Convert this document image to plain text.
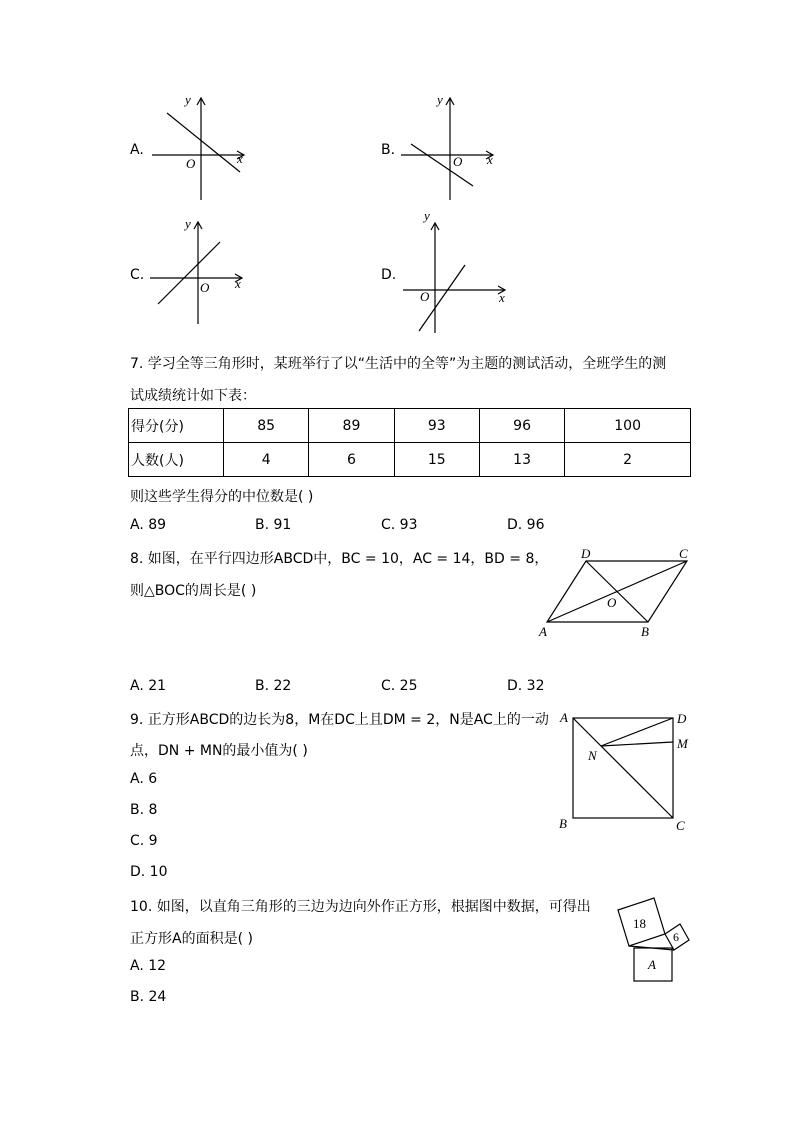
A.
y
x
O
B.
y
x
O
C.
y
x
O
D.
y
x
O
7. 学习全等三角形时，某班举行了以“生活中的全等”为主题的测试活动，全班学生的测
试成绩统计如下表：
得分(分)	85	89	93	96	100
人数(人)	4	6	15	13	2
则这些学生得分的中位数是( )
A. 89	B. 91	C. 93	D. 96
8. 如图，在平行四边形ABCD中，BC = 10，AC = 14，BD = 8，
则△BOC的周长是( )
A	B
C
D
O
A. 21	B. 22	C. 25	D. 32
9. 正方形ABCD的边长为8，M在DC上且DM = 2，N是AC上的一动
点，DN + MN的最小值为( )
A
B	C
D
M
N
A. 6
B. 8
C. 9
D. 10
10. 如图，以直角三角形的三边为边向外作正方形，根据图中数据，可得出
正方形A的面积是( )
18
6
A
A. 12
B. 24
